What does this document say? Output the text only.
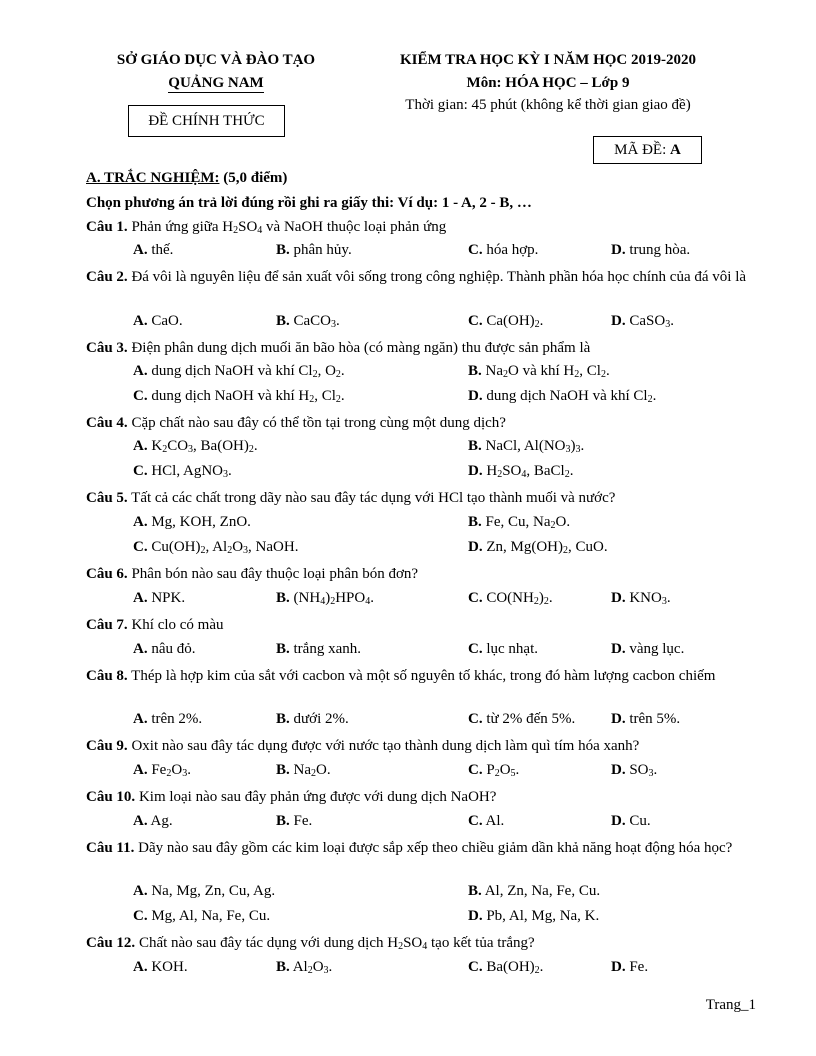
SỞ GIÁO DỤC VÀ ĐÀO TẠO
QUẢNG NAM
ĐỀ CHÍNH THỨC
KIỂM TRA HỌC KỲ I NĂM HỌC 2019-2020
Môn: HÓA HỌC – Lớp 9
Thời gian: 45 phút (không kể thời gian giao đề)
MÃ ĐỀ: A
A. TRẮC NGHIỆM: (5,0 điểm)
Chọn phương án trả lời đúng rồi ghi ra giấy thi: Ví dụ: 1 - A, 2 - B, …
Câu 1. Phản ứng giữa $H_2SO_4$ và NaOH thuộc loại phản ứng
A. thế.	B. phân hủy.	C. hóa hợp.	D. trung hòa.
Câu 2. Đá vôi là nguyên liệu để sản xuất vôi sống trong công nghiệp. Thành phần hóa học chính của đá vôi là
A. CaO.	B. CaCO$_3$.	C. $Ca(OH)_2$.	D. CaSO$_3$.
Câu 3. Điện phân dung dịch muối ăn bão hòa (có màng ngăn) thu được sản phẩm là
A. dung dịch NaOH và khí $Cl_2$, $O_2$.	B. $Na_2O$ và khí $H_2$, $Cl_2$.
C. dung dịch NaOH và khí $H_2$, $Cl_2$.	D. dung dịch NaOH và khí $Cl_2$.
Câu 4. Cặp chất nào sau đây có thể tồn tại trong cùng một dung dịch?
A. $K_2CO_3$, $Ba(OH)_2$.	B. NaCl, $Al(NO_3)_3$.
C. HCl, AgNO$_3$.	D. $H_2SO_4$, BaCl$_2$.
Câu 5. Tất cả các chất trong dãy nào sau đây tác dụng với HCl tạo thành muối và nước?
A. Mg, KOH, ZnO.	B. Fe, Cu, $Na_2O$.
C. $Cu(OH)_2$, $Al_2O_3$, NaOH.	D. Zn, $Mg(OH)_2$, CuO.
Câu 6. Phân bón nào sau đây thuộc loại phân bón đơn?
A. NPK.	B. $(NH_4)_2HPO_4$.	C. $CO(NH_2)_2$.	D. $KNO_3$.
Câu 7. Khí clo có màu
A. nâu đỏ.	B. trắng xanh.	C. lục nhạt.	D. vàng lục.
Câu 8. Thép là hợp kim của sắt với cacbon và một số nguyên tố khác, trong đó hàm lượng cacbon chiếm
A. trên 2%.	B. dưới 2%.	C. từ 2% đến 5%. D. trên 5%.
Câu 9. Oxit nào sau đây tác dụng được với nước tạo thành dung dịch làm quì tím hóa xanh?
A. $Fe_2O_3$.	B. $Na_2O$.	C. $P_2O_5$.	D. $SO_3$.
Câu 10. Kim loại nào sau đây phản ứng được với dung dịch NaOH?
A. Ag.	B. Fe.	C. Al.	D. Cu.
Câu 11. Dãy nào sau đây gồm các kim loại được sắp xếp theo chiều giảm dần khả năng hoạt động hóa học?
A. Na, Mg, Zn, Cu, Ag.	B. Al, Zn, Na, Fe, Cu.
C. Mg, Al, Na, Fe, Cu.	D. Pb, Al, Mg, Na, K.
Câu 12. Chất nào sau đây tác dụng với dung dịch $H_2SO_4$ tạo kết tủa trắng?
A. KOH.	B. $Al_2O_3$.	C. $Ba(OH)_2$.	D. Fe.
Trang_1
